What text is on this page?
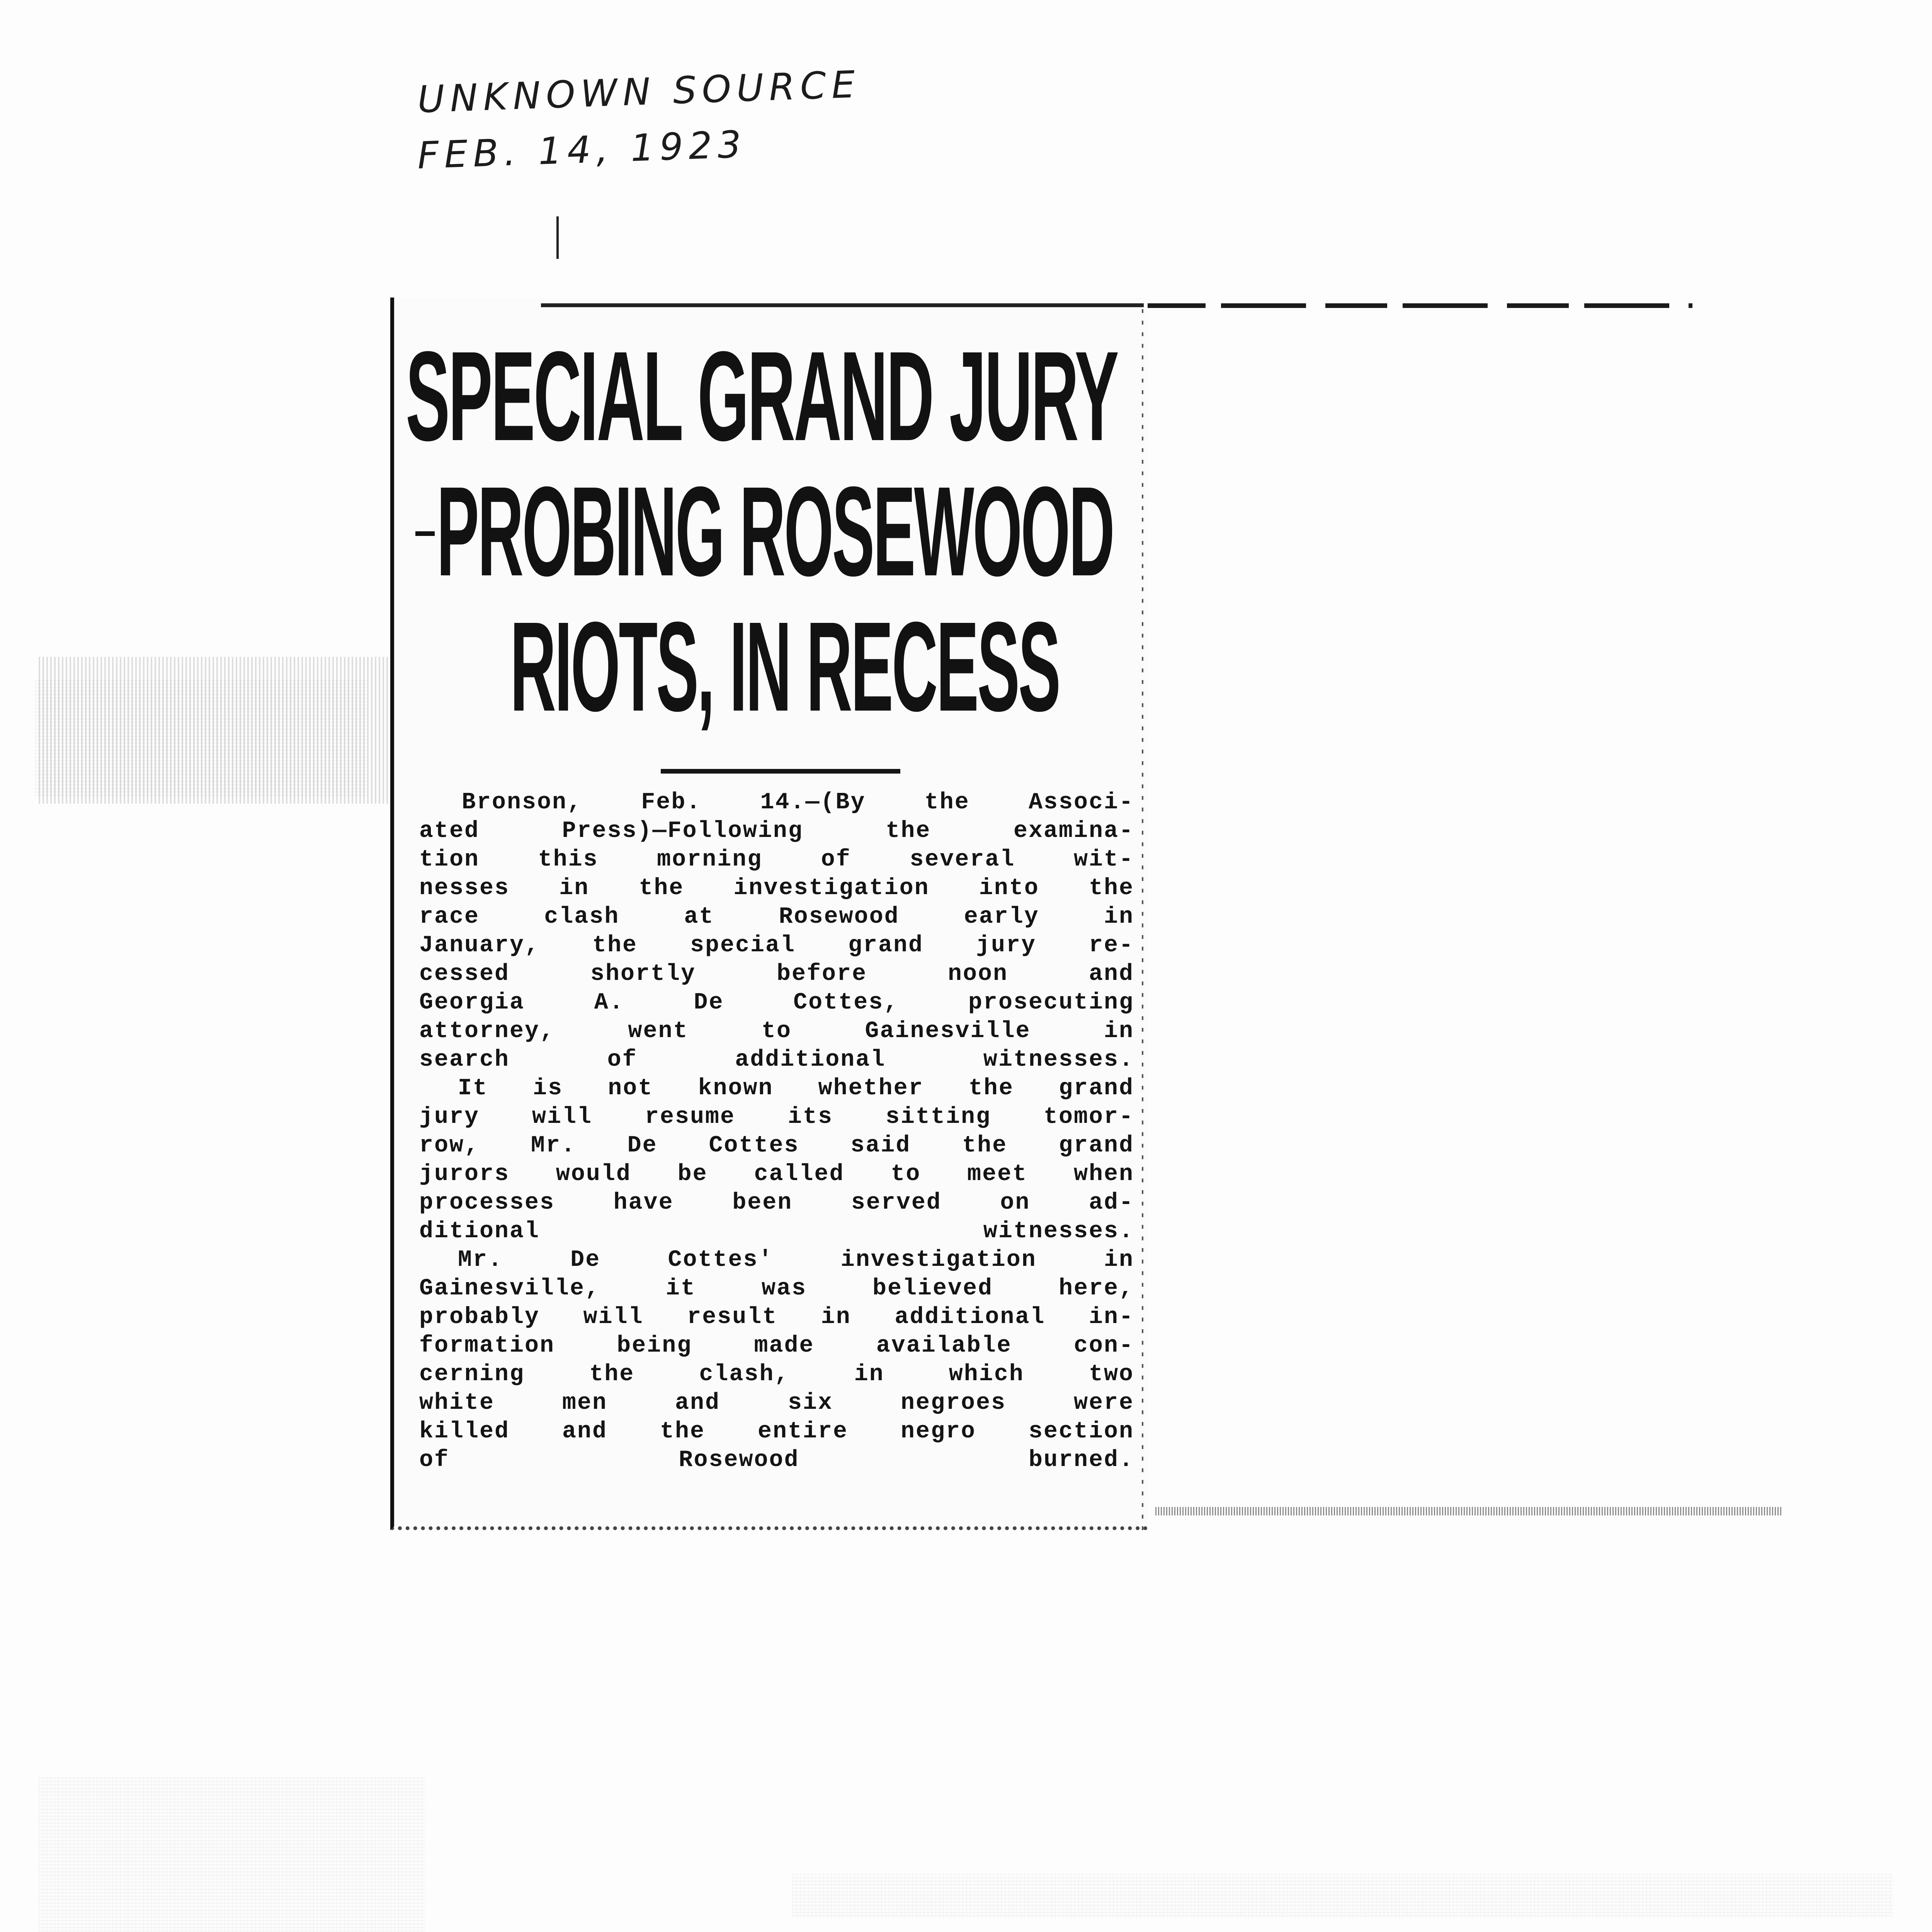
UNKNOWN SOURCE
FEB. 14, 1923
SPECIAL GRAND JURY
PROBING ROSEWOOD
RIOTS, IN RECESS

Bronson, Feb. 14.—(By the Associ-
ated Press)—Following the examina-
tion this morning of several wit-
nesses in the investigation into the
race clash at Rosewood early in
January, the special grand jury re-
cessed shortly before noon and
Georgia A. De Cottes, prosecuting
attorney, went to Gainesville in
search of additional witnesses.

It is not known whether the grand
jury will resume its sitting tomor-
row, Mr. De Cottes said the grand
jurors would be called to meet when
processes have been served on ad-
ditional witnesses.

Mr. De Cottes' investigation in
Gainesville, it was believed here,
probably will result in additional in-
formation being made available con-
cerning the clash, in which two
white men and six negroes were
killed and the entire negro section
of Rosewood burned.
